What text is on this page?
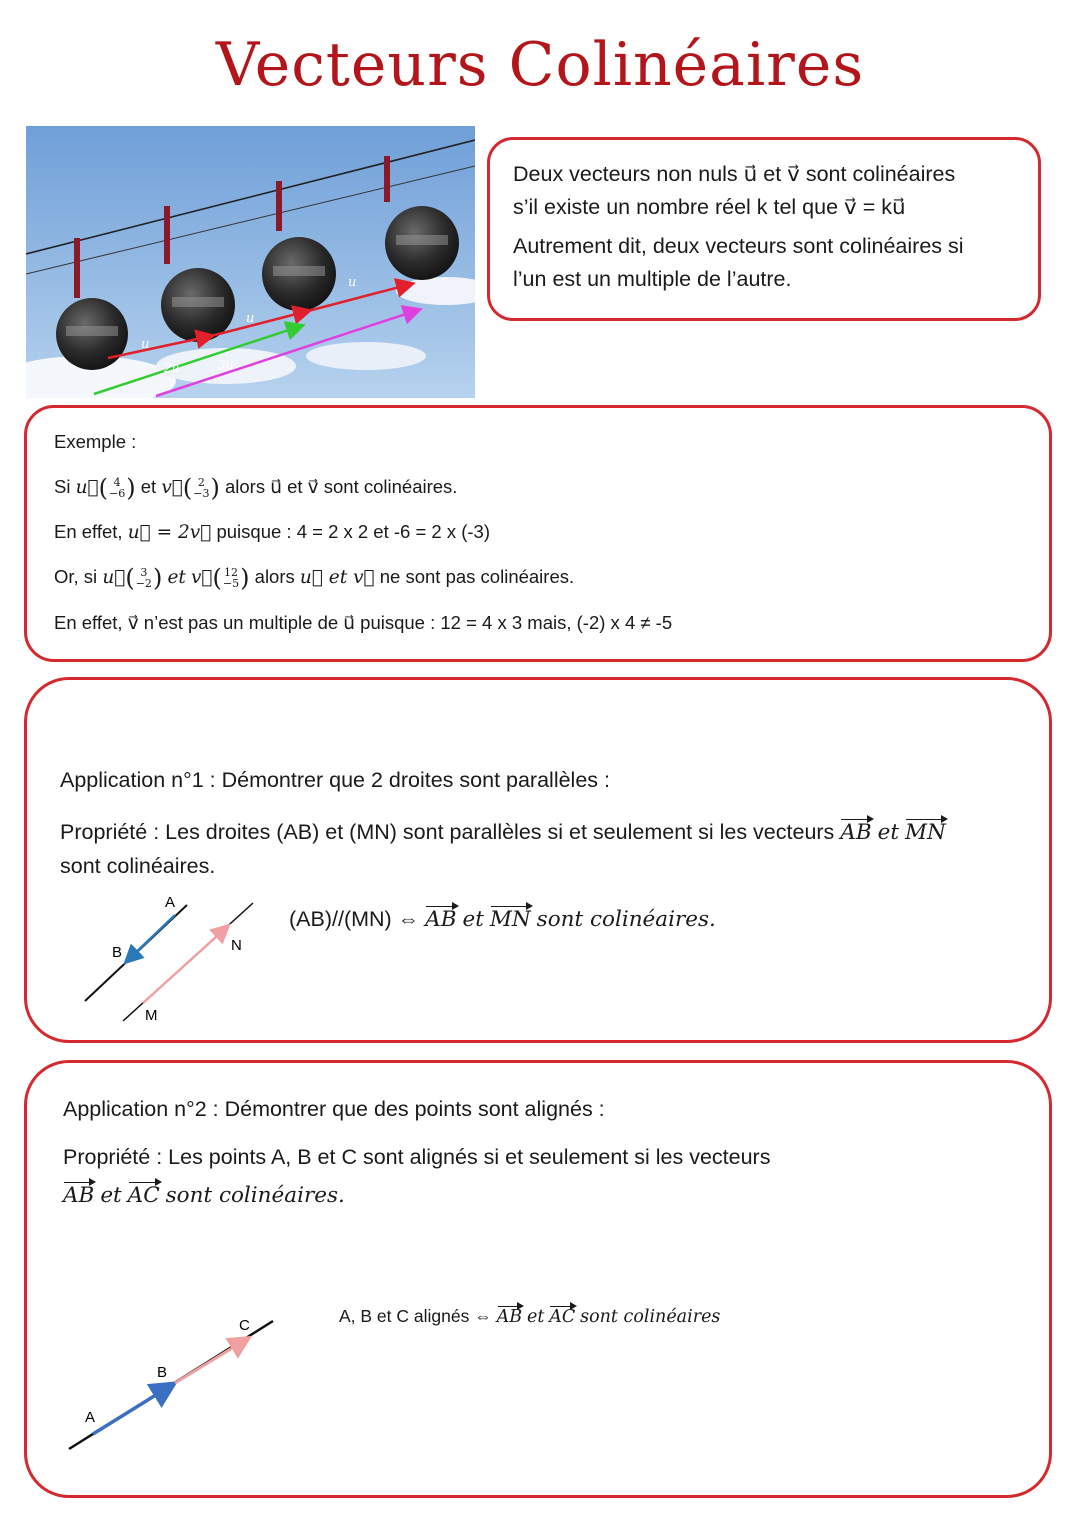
Vecteurs Colinéaires
u
u
u
2u	3u

Deux vecteurs non nuls u⃗ et v⃗ sont colinéaires

s’il existe un nombre réel k tel que v⃗ = ku⃗

Autrement dit, deux vecteurs sont colinéaires si

l’un est un multiple de l’autre.

Exemple :
Si u⃗ ( 4
−6 ) et v⃗ ( 2
−3 ) alors u⃗ et v⃗ sont colinéaires.
En effet, u⃗ = 2v⃗ puisque : 4 = 2 x 2 et -6 = 2 x (-3)
Or, si u⃗ ( 3
−2 ) et v⃗ ( 12
−5 ) alors u⃗ et v⃗ ne sont pas colinéaires.
En effet, v⃗ n’est pas un multiple de u⃗ puisque : 12 = 4 x 3 mais, (-2) x 4 ≠ -5
Application n°1 : Démontrer que 2 droites sont parallèles :
Propriété : Les droites (AB) et (MN) sont parallèles si et seulement si les vecteurs AB et MN
sont colinéaires.
(AB)//(MN) ⇔ AB et MN sont colinéaires.
A
B
M
N
Application n°2 : Démontrer que des points sont alignés :
Propriété : Les points A, B et C sont alignés si et seulement si les vecteurs
AB et AC sont colinéaires.
A, B et C alignés ⇔ AB et AC sont colinéaires
A
B
C
